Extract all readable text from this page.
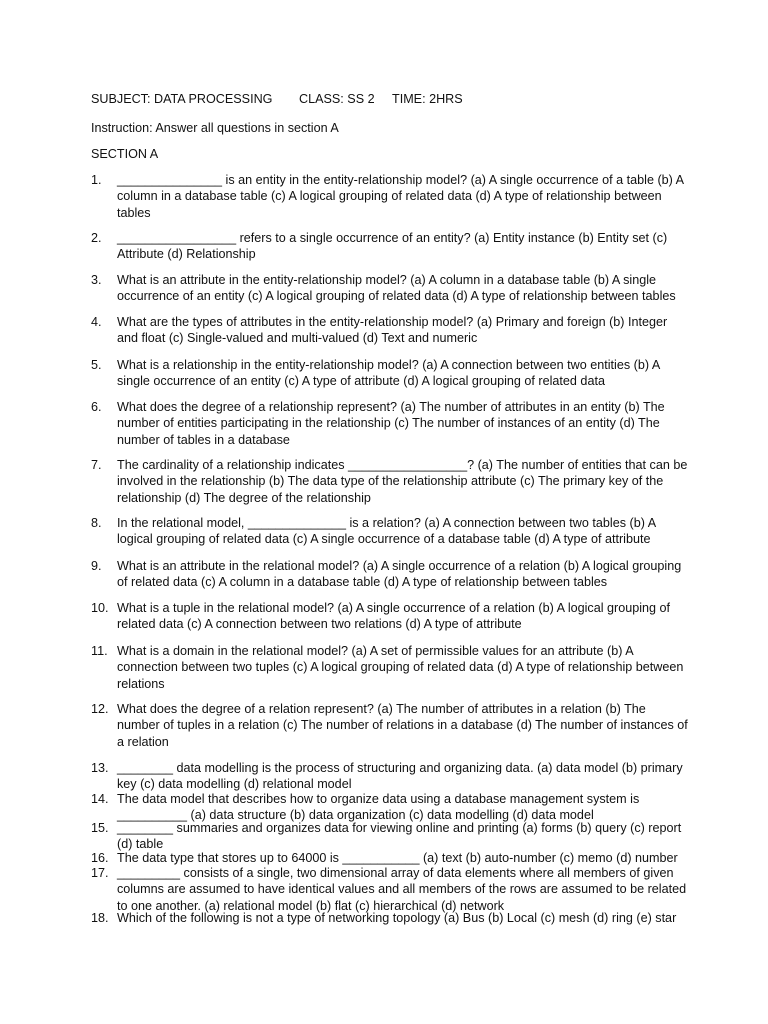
SUBJECT: DATA PROCESSING CLASS: SS 2 TIME: 2HRS
Instruction: Answer all questions in section A
SECTION A
1.	_______________ is an entity in the entity-relationship model? (a) A single occurrence of a table (b) A column in a database table (c) A logical grouping of related data (d) A type of relationship between tables
2.	_________________ refers to a single occurrence of an entity? (a) Entity instance (b) Entity set (c) Attribute (d) Relationship
3.	What is an attribute in the entity-relationship model? (a) A column in a database table (b) A single occurrence of an entity (c) A logical grouping of related data (d) A type of relationship between tables
4.	What are the types of attributes in the entity-relationship model? (a) Primary and foreign (b) Integer and float (c) Single-valued and multi-valued (d) Text and numeric
5.	What is a relationship in the entity-relationship model? (a) A connection between two entities (b) A single occurrence of an entity (c) A type of attribute (d) A logical grouping of related data
6.	What does the degree of a relationship represent? (a) The number of attributes in an entity (b) The number of entities participating in the relationship (c) The number of instances of an entity (d) The number of tables in a database
7.	The cardinality of a relationship indicates _________________? (a) The number of entities that can be involved in the relationship (b) The data type of the relationship attribute (c) The primary key of the relationship (d) The degree of the relationship
8.	In the relational model, ______________ is a relation? (a) A connection between two tables (b) A logical grouping of related data (c) A single occurrence of a database table (d) A type of attribute
9.	What is an attribute in the relational model? (a) A single occurrence of a relation (b) A logical grouping of related data (c) A column in a database table (d) A type of relationship between tables
10. What is a tuple in the relational model? (a) A single occurrence of a relation (b) A logical grouping of related data (c) A connection between two relations (d) A type of attribute
11. What is a domain in the relational model? (a) A set of permissible values for an attribute (b) A connection between two tuples (c) A logical grouping of related data (d) A type of relationship between relations
12. What does the degree of a relation represent? (a) The number of attributes in a relation (b) The number of tuples in a relation (c) The number of relations in a database (d) The number of instances of a relation
13. ________ data modelling is the process of structuring and organizing data. (a) data model (b) primary key (c) data modelling (d) relational model
14. The data model that describes how to organize data using a database management system is __________ (a) data structure (b) data organization (c) data modelling (d) data model
15. ________ summaries and organizes data for viewing online and printing (a) forms (b) query (c) report (d) table
16. The data type that stores up to 64000 is ___________ (a) text (b) auto-number (c) memo (d) number
17. _________ consists of a single, two dimensional array of data elements where all members of given columns are assumed to have identical values and all members of the rows are assumed to be related to one another. (a) relational model (b) flat (c) hierarchical (d) network
18. Which of the following is not a type of networking topology (a) Bus (b) Local (c) mesh (d) ring (e) star
